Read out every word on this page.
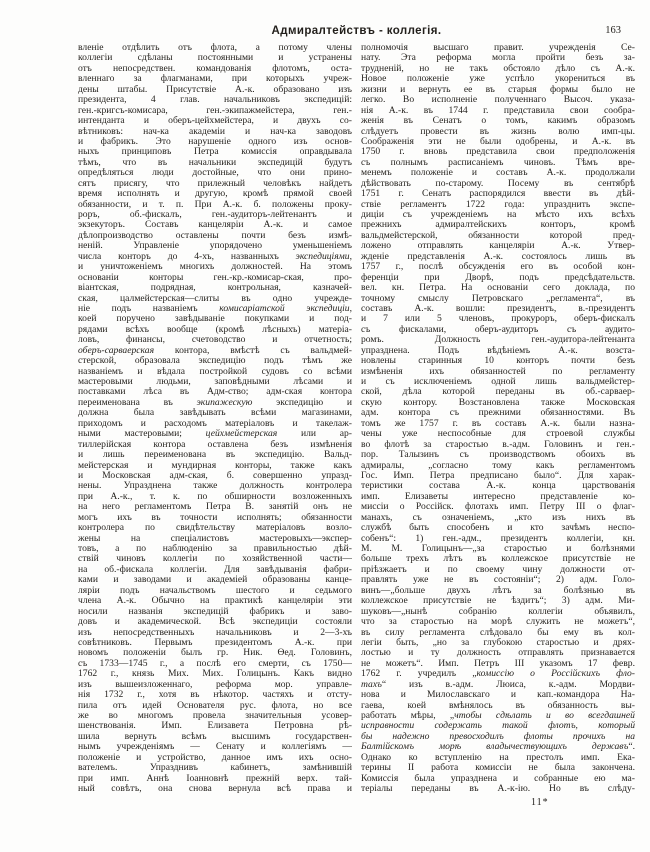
Адмиралтействъ - коллегія.	163
вленіе отдѣлить отъ флота, а потому члены
коллегіи сдѣланы постоянными и устранены
отъ непосредствен. командованія флотомъ, оста-
вленнаго за флагманами, при которыхъ учреж-
дены штабы. Присутствіе А.-к. образовано изъ
президента, 4 глав. начальниковъ экспедицій:
ген.-кригсъ-комисара, ген.-экипажмейстера, ген.-
интенданта и оберъ-цейхмейстера, и двухъ со-
вѣтниковъ: нач-ка академіи и нач-ка заводовъ
и фабрикъ. Это нарушеніе одного изъ основ-
ныхъ принциповъ Петра комиссія оправдывала
тѣмъ, что въ начальники экспедицій будутъ
опредѣляться люди достойные, что они прино-
сятъ присягу, что прилежный человѣкъ найдетъ
время исполнять и другую, кромѣ прямой своей
обязанности, и т. п. При А.-к. б. положены проку-
роръ, об.-фискалъ, ген.-аудиторъ-лейтенантъ и
экзекуторъ. Составъ канцеляріи А.-к. и самое
дѣлопроизводство оставлены почти безъ измѣ-
неній. Управленіе упорядочено уменьшеніемъ
числа конторъ до 4-хъ, названныхъ экспедиціями,
и уничтоженіемъ многихъ должностей. На этомъ
основаніи конторы ген.-кр.-комисар-ская, про-
віантская, подрядная, контрольная, казначей-
ская, цалмейстерская—слиты въ одно учрежде-
ніе подъ названіемъ комисаріатской экспедиціи,
коей поручено завѣдываніе покупками и под-
рядами всѣхъ вообще (кромѣ лѣсныхъ) матеріа-
ловъ, финансы, счетоводство и отчетность;
оберъ-сарваерская контора, вмѣстѣ съ вальдмей-
стерской, образовала экспедицію подъ тѣмъ же
названіемъ и вѣдала постройкой судовъ со всѣми
мастеровыми людьми, заповѣдными лѣсами и
поставками лѣса въ Адм-ство; адм-ская контора
переименована въ экипажескую экспедицію и
должна была завѣдывать всѣми магазинами,
приходомъ и расходомъ матеріаловъ и такелаж-
ными мастеровыми; цейхмейстерская или ар-
тиллерійская контора оставлена безъ измѣненія
и лишь переименована въ экспедицію. Вальд-
мейстерская и мундирная конторы, также какъ
и Московская адм-ская, б. совершенно упразд-
нены. Упразднена также должность контролера
при А.-к., т. к. по обширности возложенныхъ
на него регламентомъ Петра В. занятій онъ не
могъ ихъ въ точности исполнять; обязанности
контролера по свидѣтельству матеріаловъ возло-
жены на спеціалистовъ мастеровыхъ—экспер-
товъ, а по наблюденію за правильностью дѣй-
ствій чиновъ коллегіи по хозяйственной части—
на об.-фискала коллегіи. Для завѣдыванія фабри-
ками и заводами и академіей образованы канце-
ляріи подъ начальствомъ шестого и седьмого
члена А.-к. Обычно на практикѣ канцеляріи эти
носили названія экспедицій фабрикъ и заво-
довъ и академической. Всѣ экспедиціи состояли
изъ непосредственныхъ начальниковъ и 2—3-хъ
совѣтниковъ. Первымъ президентомъ А.-к. при
новомъ положеніи былъ гр. Ник. Ѳед. Головинъ,
съ 1733—1745 г., а послѣ его смерти, съ 1750—
1762 г., князь Мих. Мих. Голицынъ. Какъ видно
изъ вышеизложеннаго, реформа мор. управле-
нія 1732 г., хотя въ нѣкотор. частяхъ и отсту-
пила отъ идей Основателя рус. флота, но все
же во многомъ провела значительныя усовер-
шенствованія. Имп. Елизавета Петровна рѣ-
шила вернуть всѣмъ высшимъ государствен-
нымъ учрежденіямъ — Сенату и коллегіямъ —
положеніе и устройство, данное имъ ихъ осно-
вателемъ. Упразднивъ кабинетъ, замѣнившій
при имп. Аннѣ Іоанновнѣ прежній верх. тай-
ный совѣтъ, она снова вернула всѣ права и
полномочія высшаго правит. учрежденія Се-
нату. Эта реформа могла пройти безъ за-
трудненій, но не такъ обстояло дѣло съ А.-к.
Новое положеніе уже успѣло укорениться въ
жизни и вернуть ее въ старыя формы было не
легко. Во исполненіе полученнаго Высоч. указа-
нія А.-к. въ 1744 г. представила свои сообра-
женія въ Сенатъ о томъ, какимъ образомъ
слѣдуетъ провести въ жизнь волю имп-цы.
Соображенія эти не были одобрены, и А.-к. въ
1750 г. вновь представила свои предположенія
съ полнымъ расписаніемъ чиновъ. Тѣмъ вре-
менемъ положеніе и составъ А.-к. продолжали
дѣйствовать по-старому. Посему въ сентябрѣ
1751 г. Сенатъ распорядился ввести въ дѣй-
ствіе регламентъ 1722 года: упразднить экспе-
диціи съ учрежденіемъ на мѣсто ихъ всѣхъ
прежнихъ адмиралтейскихъ конторъ, кромѣ
вальдмейстерской, обязанности которой пред-
ложено отправлять канцеляріи А.-к. Утвер-
жденіе представленія А.-к. состоялось лишь въ
1757 г., послѣ обсужденія его въ особой кон-
ференціи при Дворѣ, подъ предсѣдательств.
вел. кн. Петра. На основаніи сего доклада, по
точному смыслу Петровскаго „регламента“, въ
составъ А.-к. вошли: президентъ, в.-президентъ
и 7 или 5 членовъ, прокуроръ, оберъ-фискалъ
съ фискалами, оберъ-аудиторъ съ аудито-
ромъ. Должность ген.-аудитора-лейтенанта
упразднена. Подъ вѣдѣніемъ А.-к. возста-
новлены старинныя 10 конторъ почти безъ
измѣненія ихъ обязанностей по регламенту
и съ исключеніемъ одной лишь вальдмейстер-
ской, дѣла которой переданы въ об.-сарваер-
скую контору. Возстановлена также Московская
адм. контора съ прежними обязанностями. Въ
томъ же 1757 г. въ составъ А.-к. были назна-
чены уже неспособные для строевой службы
во флотѣ за старостью в.-адм. Головинъ и ген.-
пор. Талызинъ съ производствомъ обоихъ въ
адмиралы, „согласно тому какъ регламентомъ
Гос. Имп. Петра предписано было“. Для харак-
теристики состава А.-к. конца царствованія
имп. Елизаветы интересно представленіе ко-
миссіи о Россійск. флотахъ имп. Петру III о флаг-
манахъ, съ означеніемъ, „кто изъ нихъ въ
службѣ быть способенъ и кто зачѣмъ неспо-
собенъ“: 1) ген.-адм., президентъ коллегіи, кн.
М. М. Голицынъ—„за старостью и болѣзнями
больше трехъ лѣтъ въ коллежское присутствіе не
пріѣзжаетъ и по своему чину должности от-
правлять уже не въ состояніи“; 2) адм. Голо-
винъ—„больше двухъ лѣтъ за болѣзнью въ
коллежское присутствіе не ѣздитъ“; 3) адм. Ми-
шуковъ—„нынѣ собранію коллегіи объявилъ,
что за старостью на морѣ служить не можетъ“,
въ силу регламента слѣдовало бы ему въ кол-
легіи быть, „но за глубокою старостью и дрях-
лостью и ту должность отправлять признавается
не можетъ“. Имп. Петръ III указомъ 17 февр.
1762 г. учредилъ „комиссію о Россійскихъ фло-
тахъ“ изъ в.-адм. Люиса, к.-адм. Мордви-
нова и Милославскаго и кап.-командора На-
гаева, коей вмѣнялось въ обязанность вы-
работать мѣры, „чтобы сдѣлать и во всегдашней
исправности содержать такой флотъ, который
бы надежно превосходилъ флоты прочихъ на
Балтійскомъ морѣ владычествующихъ державъ“.
Однако ко вступленію на престолъ имп. Ека-
терины II работа комиссіи не была закончена.
Комиссія была упразднена и собранные ею ма-
теріалы переданы въ А.-к-ію. Но въ слѣду-
11*
